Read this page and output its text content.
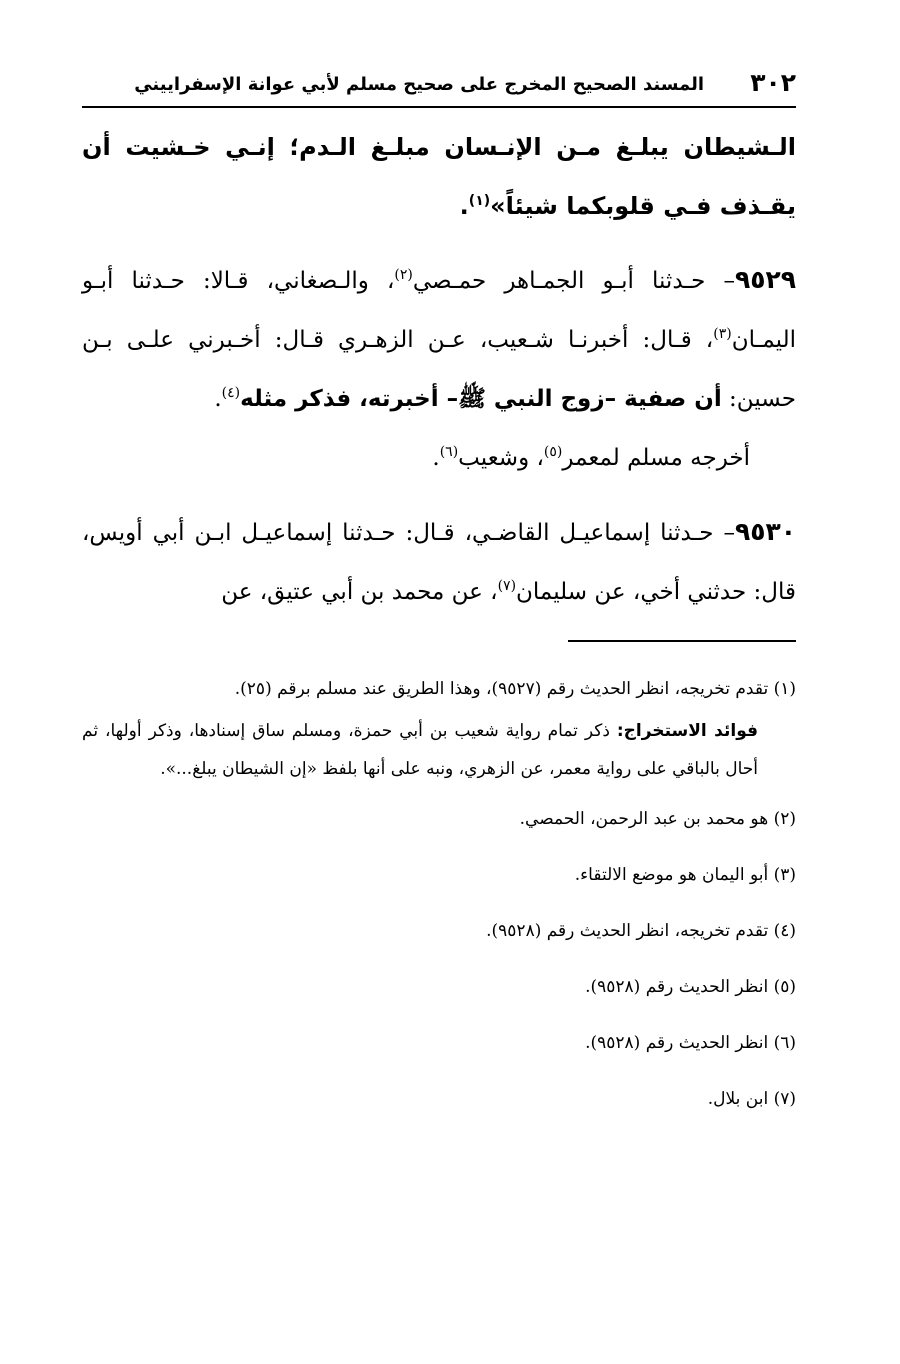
٣٠٢
المسند الصحيح المخرج على صحيح مسلم لأبي عوانة الإسفراييني

الـشيطان يبلـغ مـن الإنـسان مبلـغ الـدم؛ إنـي خـشيت أن يقـذف فـي قلوبكما شيئاً»$^{(١)}$.

٩٥٢٩– حـدثنا أبـو الجمـاهر حمـصي$^{(٢)}$، والـصغاني، قـالا: حـدثنا أبـو اليمـان$^{(٣)}$، قـال: أخبرنـا شـعيب، عـن الزهـري قـال: أخـبرني علـى بـن حسين: أن صفية –زوج النبي ﷺ– أخبرته، فذكر مثله$^{(٤)}$.

أخرجه مسلم لمعمر$^{(٥)}$، وشعيب$^{(٦)}$.

٩٥٣٠– حـدثنا إسماعيـل القاضـي، قـال: حـدثنا إسماعيـل ابـن أبي أويس، قال: حدثني أخي، عن سليمان$^{(٧)}$، عن محمد بن أبي عتيق، عن

(١) تقدم تخريجه، انظر الحديث رقم (٩٥٢٧)، وهذا الطريق عند مسلم برقم (٢٥).

فوائد الاستخراج: ذكر تمام رواية شعيب بن أبي حمزة، ومسلم ساق إسنادها، وذكر أولها، ثم أحال بالباقي على رواية معمر، عن الزهري، ونبه على أنها بلفظ «إن الشيطان يبلغ...».

(٢) هو محمد بن عبد الرحمن، الحمصي.

(٣) أبو اليمان هو موضع الالتقاء.

(٤) تقدم تخريجه، انظر الحديث رقم (٩٥٢٨).

(٥) انظر الحديث رقم (٩٥٢٨).

(٦) انظر الحديث رقم (٩٥٢٨).

(٧) ابن بلال.
